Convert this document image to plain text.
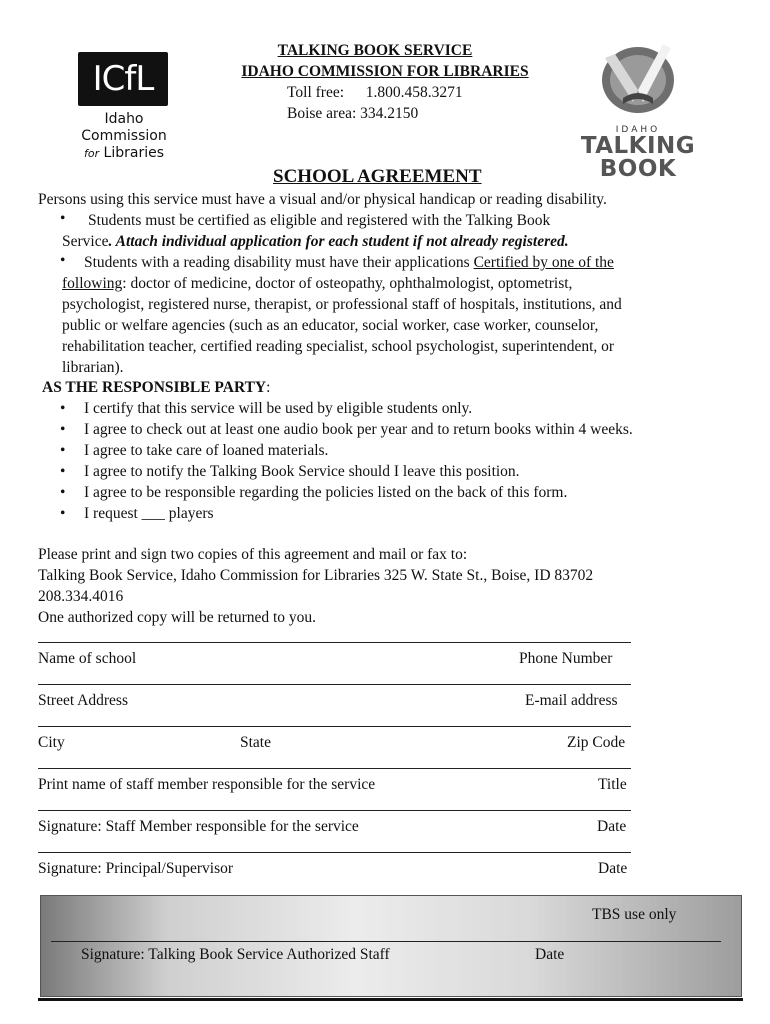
ICfL
Idaho
Commission
for Libraries
TALKING BOOK SERVICE
IDAHO COMMISSION FOR LIBRARIES
Toll free: 1.800.458.3271
Boise area: 334.2150
IDAHO
TALKING
BOOK
SCHOOL AGREEMENT
Persons using this service must have a visual and/or physical handicap or reading disability.
• Students must be certified as eligible and registered with the Talking Book
Service. Attach individual application for each student if not already registered.
• Students with a reading disability must have their applications Certified by one of the
following: doctor of medicine, doctor of osteopathy, ophthalmologist, optometrist,
psychologist, registered nurse, therapist, or professional staff of hospitals, institutions, and
public or welfare agencies (such as an educator, social worker, case worker, counselor,
rehabilitation teacher, certified reading specialist, school psychologist, superintendent, or
librarian).
AS THE RESPONSIBLE PARTY:
• I certify that this service will be used by eligible students only.
• I agree to check out at least one audio book per year and to return books within 4 weeks.
• I agree to take care of loaned materials.
• I agree to notify the Talking Book Service should I leave this position.
• I agree to be responsible regarding the policies listed on the back of this form.
• I request ___ players
Please print and sign two copies of this agreement and mail or fax to:
Talking Book Service, Idaho Commission for Libraries 325 W. State St., Boise, ID 83702
208.334.4016
One authorized copy will be returned to you.
Name of school	Phone Number
Street Address	E-mail address
City	State	Zip Code
Print name of staff member responsible for the service	Title
Signature: Staff Member responsible for the service	Date
Signature: Principal/Supervisor	Date
TBS use only
Signature: Talking Book Service Authorized Staff	Date
